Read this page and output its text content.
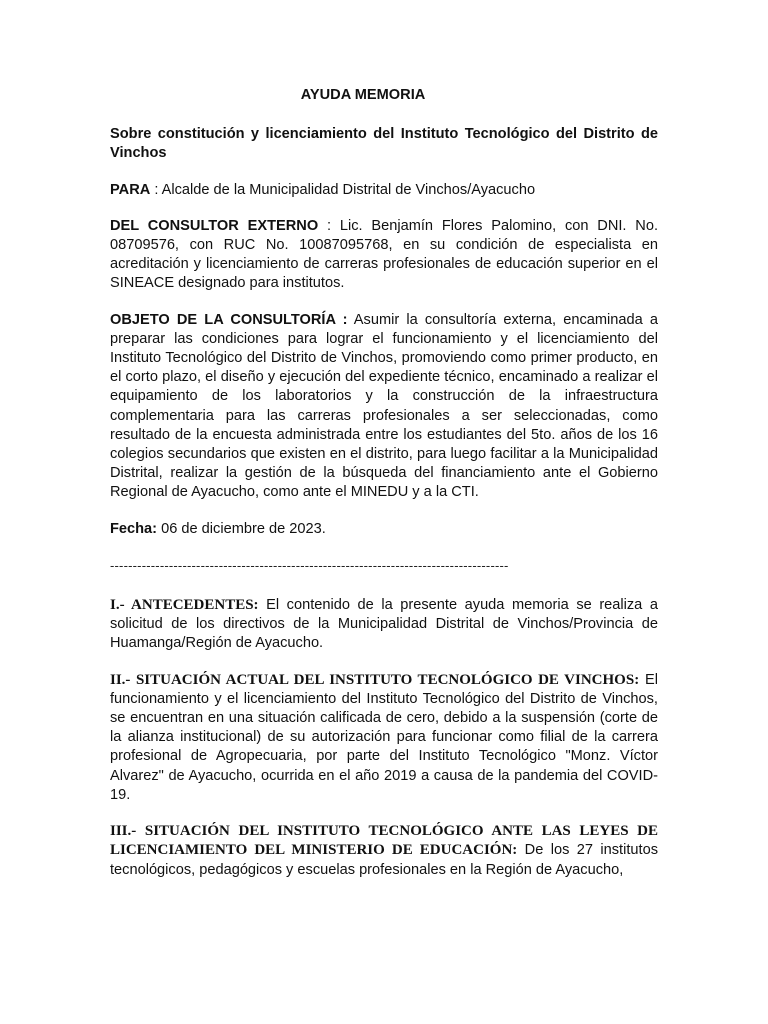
AYUDA MEMORIA
Sobre constitución y licenciamiento del Instituto Tecnológico del Distrito de Vinchos

PARA : Alcalde de la Municipalidad Distrital de Vinchos/Ayacucho

DEL CONSULTOR EXTERNO : Lic. Benjamín Flores Palomino, con DNI. No. 08709576, con RUC No. 10087095768, en su condición de especialista en acreditación y licenciamiento de carreras profesionales de educación superior en el SINEACE designado para institutos.

OBJETO DE LA CONSULTORÍA : Asumir la consultoría externa, encaminada a preparar las condiciones para lograr el funcionamiento y el licenciamiento del Instituto Tecnológico del Distrito de Vinchos, promoviendo como primer producto, en el corto plazo, el diseño y ejecución del expediente técnico, encaminado a realizar el equipamiento de los laboratorios y la construcción de la infraestructura complementaria para las carreras profesionales a ser seleccionadas, como resultado de la encuesta administrada entre los estudiantes del 5to. años de los 16 colegios secundarios que existen en el distrito, para luego facilitar a la Municipalidad Distrital, realizar la gestión de la búsqueda del financiamiento ante el Gobierno Regional de Ayacucho, como ante el MINEDU y a la CTI.

Fecha: 06 de diciembre de 2023.

----------------------------------------------------------------------------------------

I.- ANTECEDENTES: El contenido de la presente ayuda memoria se realiza a solicitud de los directivos de la Municipalidad Distrital de Vinchos/Provincia de Huamanga/Región de Ayacucho.

II.- SITUACIÓN ACTUAL DEL INSTITUTO TECNOLÓGICO DE VINCHOS: El funcionamiento y el licenciamiento del Instituto Tecnológico del Distrito de Vinchos, se encuentran en una situación calificada de cero, debido a la suspensión (corte de la alianza institucional) de su autorización para funcionar como filial de la carrera profesional de Agropecuaria, por parte del Instituto Tecnológico "Monz. Víctor Alvarez" de Ayacucho, ocurrida en el año 2019 a causa de la pandemia del COVID-19.

III.- SITUACIÓN DEL INSTITUTO TECNOLÓGICO ANTE LAS LEYES DE LICENCIAMIENTO DEL MINISTERIO DE EDUCACIÓN: De los 27 institutos tecnológicos, pedagógicos y escuelas profesionales en la Región de Ayacucho,
